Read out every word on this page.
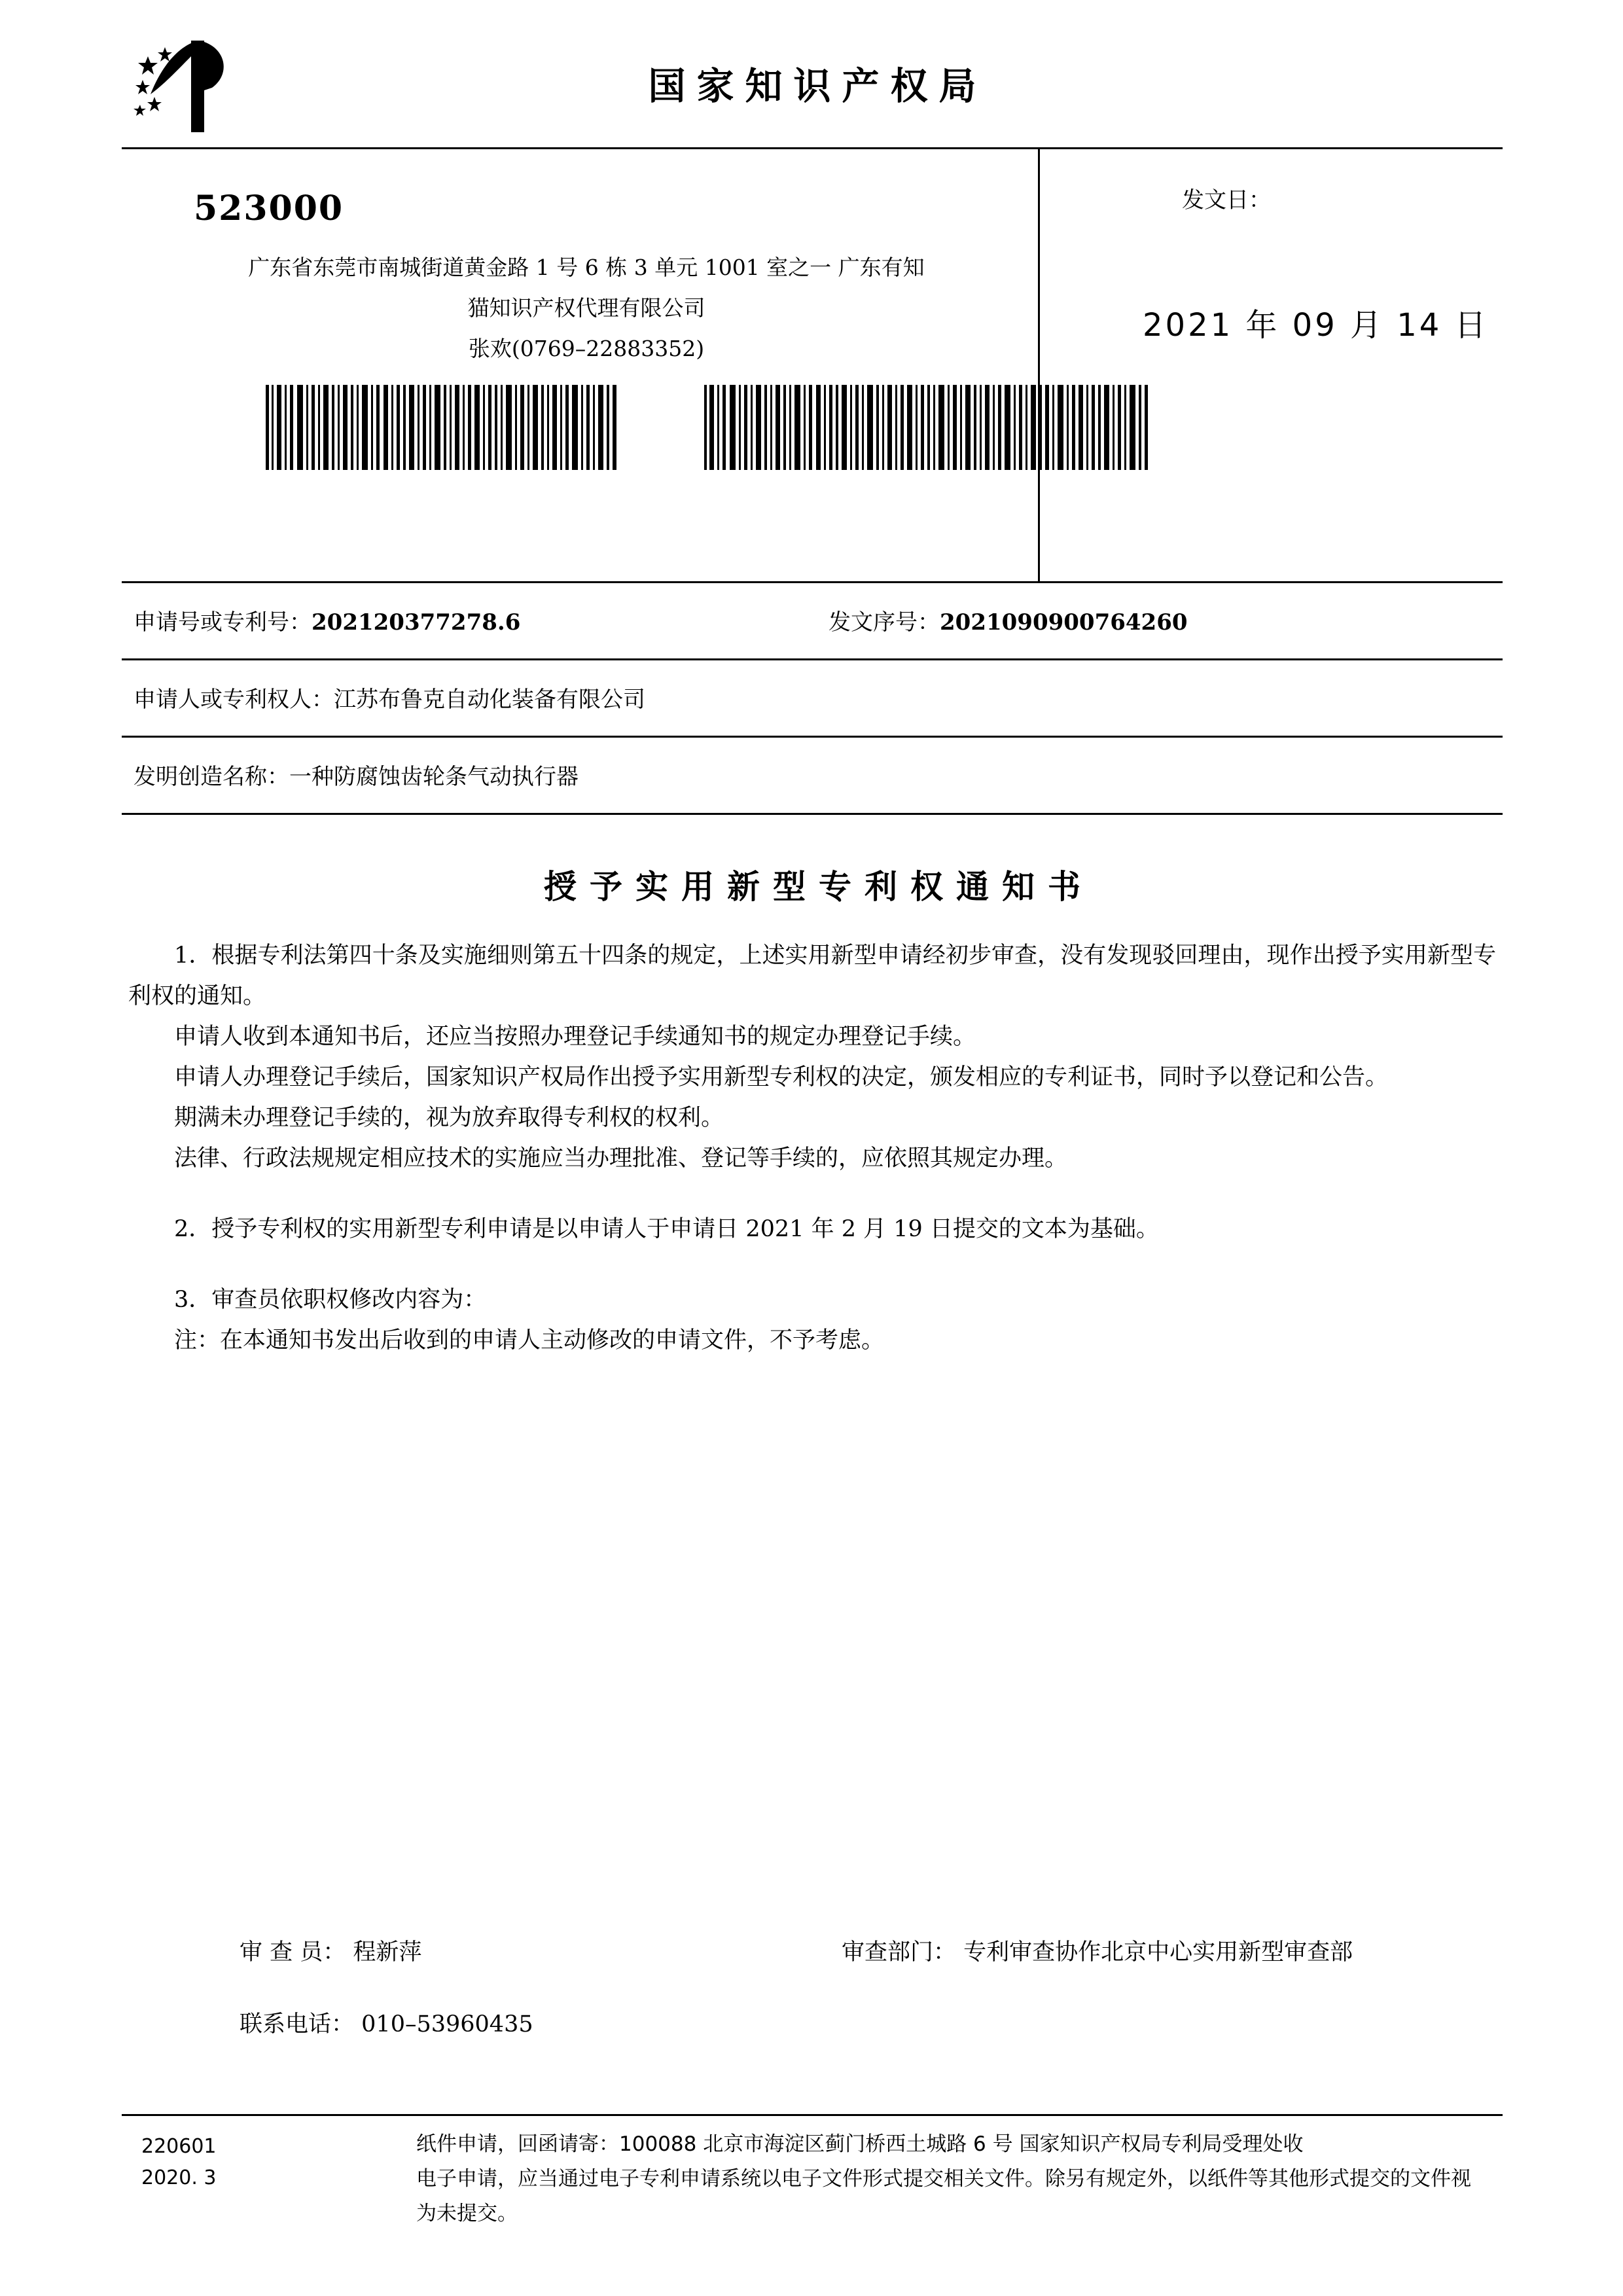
国家知识产权局
523000
广东省东莞市南城街道黄金路 1 号 6 栋 3 单元 1001 室之一 广东有知
猫知识产权代理有限公司
张欢(0769–22883352)
发文日：
2021 年 09 月 14 日
申请号或专利号：202120377278.6	发文序号：2021090900764260
申请人或专利权人：江苏布鲁克自动化装备有限公司
发明创造名称：一种防腐蚀齿轮条气动执行器
授予实用新型专利权通知书
1．根据专利法第四十条及实施细则第五十四条的规定，上述实用新型申请经初步审查，没有发现驳回理由，现作出授予实用新型专利权的通知。
申请人收到本通知书后，还应当按照办理登记手续通知书的规定办理登记手续。
申请人办理登记手续后，国家知识产权局作出授予实用新型专利权的决定，颁发相应的专利证书，同时予以登记和公告。
期满未办理登记手续的，视为放弃取得专利权的权利。
法律、行政法规规定相应技术的实施应当办理批准、登记等手续的，应依照其规定办理。
2．授予专利权的实用新型专利申请是以申请人于申请日 2021 年 2 月 19 日提交的文本为基础。
3．审查员依职权修改内容为：
注：在本通知书发出后收到的申请人主动修改的申请文件，不予考虑。
审 查 员： 程新萍	审查部门： 专利审查协作北京中心实用新型审查部
联系电话： 010–53960435
220601
2020. 3
纸件申请，回函请寄：100088 北京市海淀区蓟门桥西土城路 6 号 国家知识产权局专利局受理处收
电子申请，应当通过电子专利申请系统以电子文件形式提交相关文件。除另有规定外，以纸件等其他形式提交的文件视为未提交。
